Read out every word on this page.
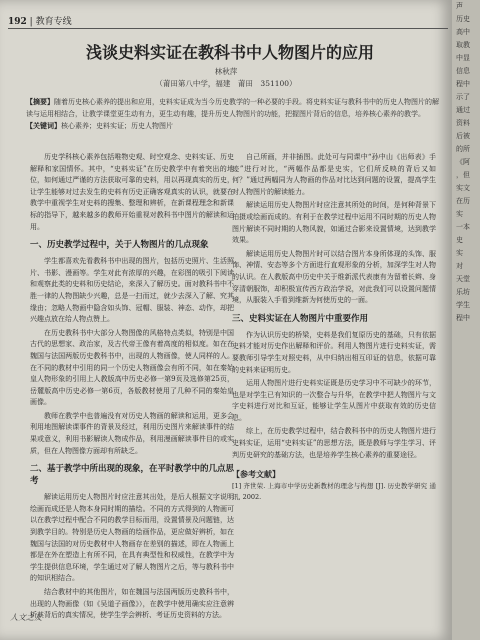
192 | 教育专线
浅谈史料实证在教科书中人物图片的应用
林秋萍
（莆田第八中学，福建　莆田　351100）
【摘要】随着历史核心素养的提出和应用，史料实证成为当今历史教学的一种必要的手段。将史料实证与教科书中的历史人物图片的解读与运用相结合，让教学课堂更生动有力，更生动有趣，提升历史人物图片的功能，把握图片背后的信息，培养核心素养的教学。
【关键词】核心素养；史料实证；历史人物图片

历史学科核心素养包括唯物史观、时空观念、史料实证、历史解释和家国情怀。其中，“史料实证”在历史教学中有着突出的地位，如何通过严谨的方法获取可靠的史料，用以再现真实的历史，让学生能够对过去发生的史料有历史正确客观真实的认识，就要在教学中重视学生对史料的搜集、整理和辨析，在新课程理念和新课标的指导下，越来越多的教师开始重视对教科书中图片的解读和运用。

一、历史教学过程中，关于人物图片的几点现象

学生都喜欢先看教科书中出现的图片，包括历史照片、生活照片、书影、漫画等。学生对此有浓厚的兴趣，在彩图的吸引下阅读和观察此类的史料和历史结论，来深入了解历史。面对教科书中不胜一律的人物图缺少兴趣，总是一扫而过，就少去深入了解、究其缘由；忽略人物画中隐含如头饰、冠帽、服装、神态、动作，却把兴趣点放在给人物点赞上。

在历史教科书中大部分人物图像的风格特点类似，特别是中国古代的思想家、政治家，及古代帝王像有着高度的相似度。如在在魏国与法国两版历史教科书中，出现的人物画像，使人同样的人。在不同的教材中引用的同一个历史人物画像会有所不同，如在秦始皇人物形象的引用上人教版高中历史必修一第9页及选修第25页，岳麓版高中历史必修一第6页，各版教材使用了几种不同的秦始皇画像。

教师在教学中也普遍没有对历史人物画的解读和运用，更多会利用地图解读课事件的背景及经过，利用历史图片来解读事件的结果或意义，利用书影解读人物成作品，利用漫画解读事件目的或实质，但在人物图像方面却有所缺乏。

二、基于教学中所出现的现象，在平时教学中的几点思考

解读运用历史人物图片时应注意其出处，是后人根据文字说明绘画而成还是人物本身同时期的描绘。不同的方式得到的人物画可以在教学过程中配合不同的教学目标而用，设置情景及问题链，达到教学目的。特别是历史人物画的绘画作品，更应做好辨析，如在魏国与法国的对历史教材中人物画存在差别的描述，即在人物画上都是在外在塑造上有所不同，在具有典型性和权威性，在教学中为学生提供信息环境，学生通过对了解人物图片之后，等与教科书中的知识相结合。

结合教材中的其他图片，如在魏国与法国两版历史教科书中，出现的人物画像（如《吴道子画像》），在教学中使用确实应注意辨析其背后的真实情况，使学生学会辨析、考证历史资料的方法。

自己所画，并非插图。此处可与同课中“孙中山《出师表》手迹”进行对比，“两幅作品都是史实，它们所反映的背后又如何？”通过两幅同为人物画的作品对比达到问题的设置，提高学生对人物图片的解读能力。

解读运用历史人物图片时应注意其所处的时间，是何种背景下拍摄或绘画而成的。有利于在教学过程中运用不同时期的历史人物图片解读不同时期的人物风貌，如通过合影来设置情境，达到教学效果。

解读运用历史人物图片时可以结合图片本身所体现的头饰、服饰、神情、安态等多个方面进行直观形象的分析，加深学生对人物的认识。在人教版高中历史中关于维新派代表康有为留着长辫、身穿清朝服饰，却积极宣传西方政治学说，对此我们可以设置问题情境，从服装入手看到维新为何使历史的一面。

三、史料实证在人物图片中重要作用

作为认识历史的桥梁，史料是我们复原历史的基础，只有依据史料才能对历史作出解释和评价。利用人物图片进行史料实证，需要教师引导学生对照史料，从中归纳出相互印证的信息，依据可靠的史料来证明历史。

运用人物图片进行史料实证既是历史学习中不可缺少的环节，也是对学生已有知识的一次整合与升华，在教学中把人物图片与文字史料进行对比和互证，能够让学生从图片中获取有效的历史信息。

综上，在历史教学过程中，结合教科书中的历史人物图片进行史料实证，运用“史料实证”的思想方法，既是教师与学生学习、评判历史研究的基础方法，也是培养学生核心素养的重要途径。

【参考文献】

[1] 齐世荣. 上海市中学历史新教材的理念与构想 [J]. 历史教学研究 通讯, 2002.

人文之友
声
历史
高中
取教
中显
信息
程中
示了
通过
资料
后被
的所
《阿
，但
实文
在历
实
一本
史
实
对
天堂
乐坊
学生
程中
